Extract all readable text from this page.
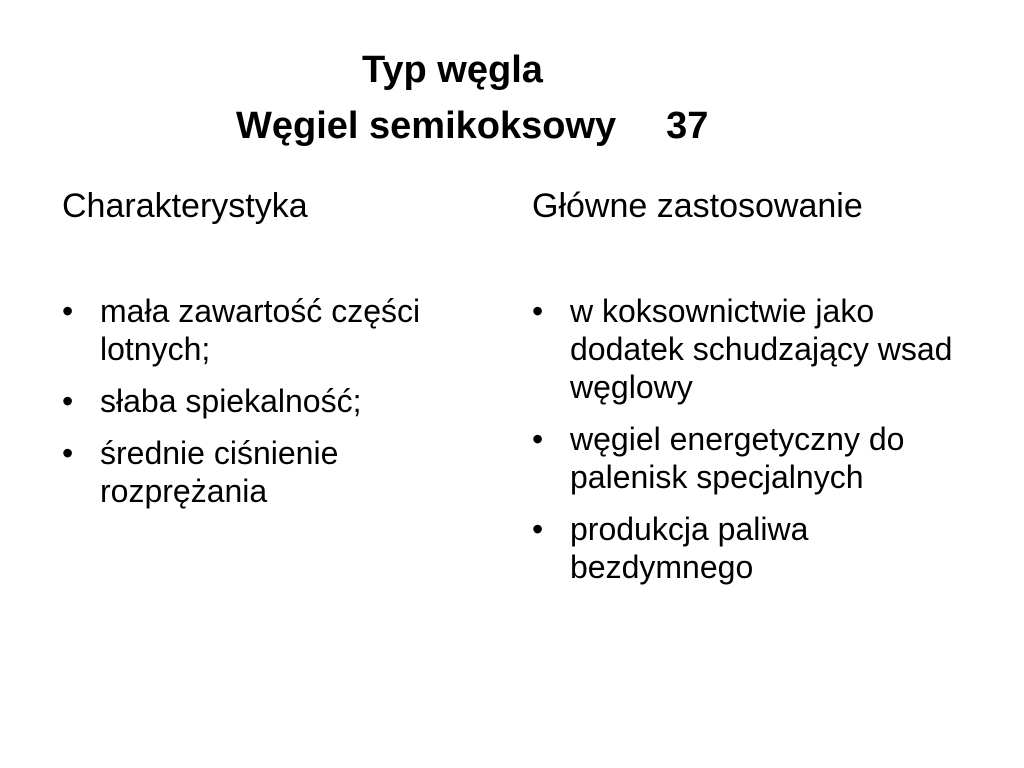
Typ węgla
Węgiel semikoksowy 37
Charakterystyka	Główne zastosowanie
• mała zawartość części lotnych;
• słaba spiekalność;
• średnie ciśnienie rozprężania
• w koksownictwie jako dodatek schudzający wsad węglowy
• węgiel energetyczny do palenisk specjalnych
• produkcja paliwa bezdymnego
